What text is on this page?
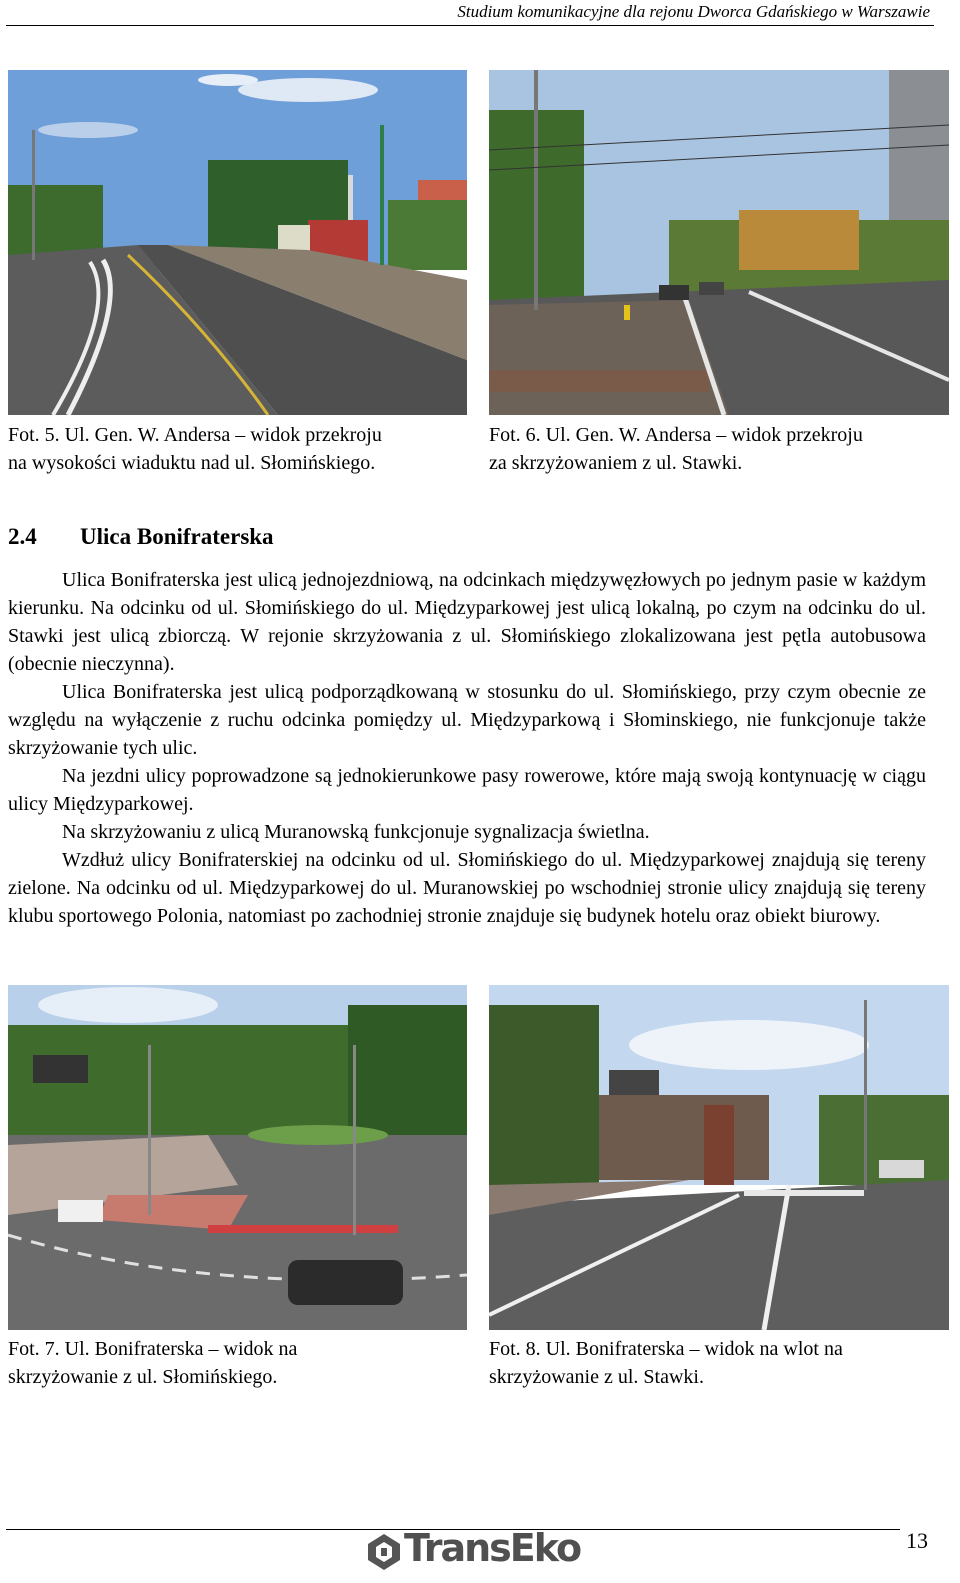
Studium komunikacyjne dla rejonu Dworca Gdańskiego w Warszawie
Fot. 5. Ul. Gen. W. Andersa – widok przekroju
na wysokości wiaduktu nad ul. Słomińskiego.
Fot. 6. Ul. Gen. W. Andersa – widok przekroju
za skrzyżowaniem z ul. Stawki.
2.4 Ulica Bonifraterska

Ulica Bonifraterska jest ulicą jednojezdniową, na odcinkach międzywęzłowych po jednym pasie w każdym kierunku. Na odcinku od ul. Słomińskiego do ul. Międzyparkowej jest ulicą lokalną, po czym na odcinku do ul. Stawki jest ulicą zbiorczą. W rejonie skrzyżowania z ul. Słomińskiego zlokalizowana jest pętla autobusowa (obecnie nieczynna).

Ulica Bonifraterska jest ulicą podporządkowaną w stosunku do ul. Słomińskiego, przy czym obecnie ze względu na wyłączenie z ruchu odcinka pomiędzy ul. Międzyparkową i Słominskiego, nie funkcjonuje także skrzyżowanie tych ulic.

Na jezdni ulicy poprowadzone są jednokierunkowe pasy rowerowe, które mają swoją kontynuację w ciągu ulicy Międzyparkowej.

Na skrzyżowaniu z ulicą Muranowską funkcjonuje sygnalizacja świetlna.

Wzdłuż ulicy Bonifraterskiej na odcinku od ul. Słomińskiego do ul. Międzyparkowej znajdują się tereny zielone. Na odcinku od ul. Międzyparkowej do ul. Muranowskiej po wschodniej stronie ulicy znajdują się tereny klubu sportowego Polonia, natomiast po zachodniej stronie znajduje się budynek hotelu oraz obiekt biurowy.

Fot. 7. Ul. Bonifraterska – widok na
skrzyżowanie z ul. Słomińskiego.
Fot. 8. Ul. Bonifraterska – widok na wlot na
skrzyżowanie z ul. Stawki.
TransEko	13
